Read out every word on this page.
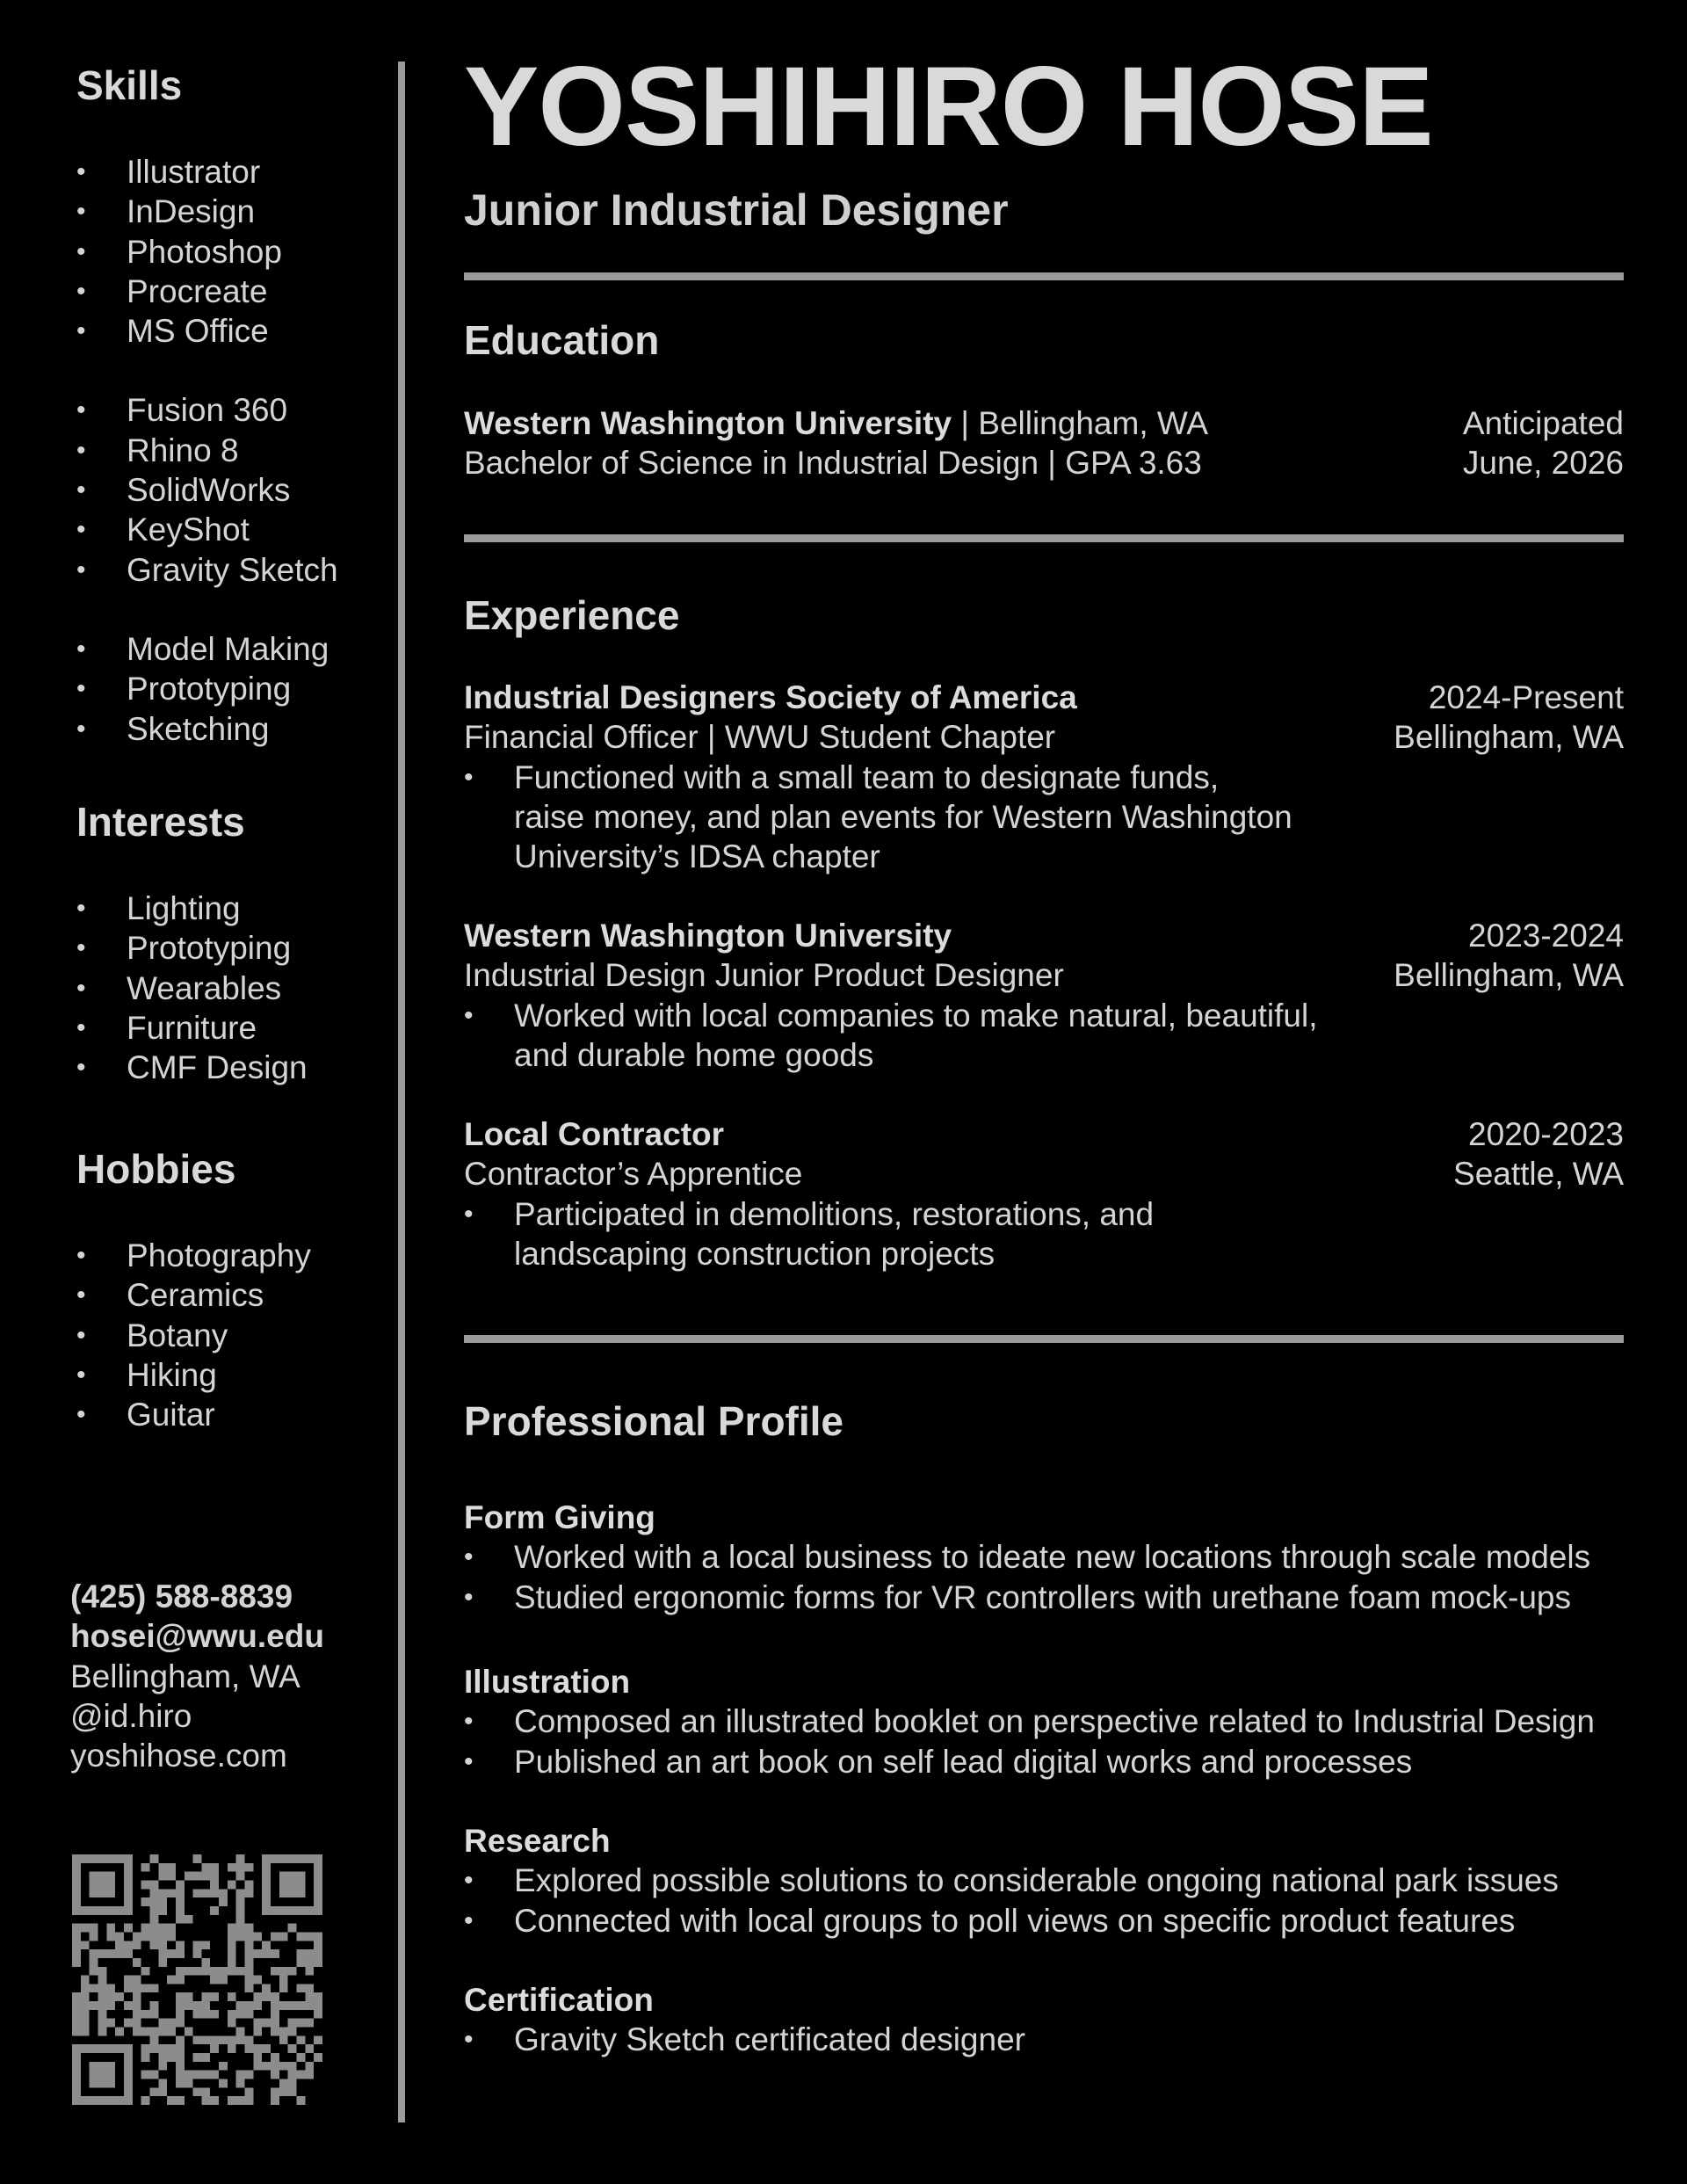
Skills
• Illustrator
• InDesign
• Photoshop
• Procreate
• MS Office
• Fusion 360
• Rhino 8
• SolidWorks
• KeyShot
• Gravity Sketch
• Model Making
• Prototyping
• Sketching
Interests
• Lighting
• Prototyping
• Wearables
• Furniture
• CMF Design
Hobbies
• Photography
• Ceramics
• Botany
• Hiking
• Guitar
(425) 588-8839
hosei@wwu.edu
Bellingham, WA
@id.hiro
yoshihose.com
YOSHIHIRO HOSE
Junior Industrial Designer
Education
Western Washington University | Bellingham, WA	Anticipated
Bachelor of Science in Industrial Design | GPA 3.63	June, 2026
Experience
Industrial Designers Society of America	2024-Present
Financial Officer | WWU Student Chapter	Bellingham, WA
• Functioned with a small team to designate funds,
raise money, and plan events for Western Washington
University’s IDSA chapter
Western Washington University	2023-2024
Industrial Design Junior Product Designer	Bellingham, WA
• Worked with local companies to make natural, beautiful,
and durable home goods
Local Contractor	2020-2023
Contractor’s Apprentice	Seattle, WA
• Participated in demolitions, restorations, and
landscaping construction projects
Professional Profile
Form Giving
• Worked with a local business to ideate new locations through scale models
• Studied ergonomic forms for VR controllers with urethane foam mock-ups
Illustration
• Composed an illustrated booklet on perspective related to Industrial Design
• Published an art book on self lead digital works and processes
Research
• Explored possible solutions to considerable ongoing national park issues
• Connected with local groups to poll views on specific product features
Certification
• Gravity Sketch certificated designer
